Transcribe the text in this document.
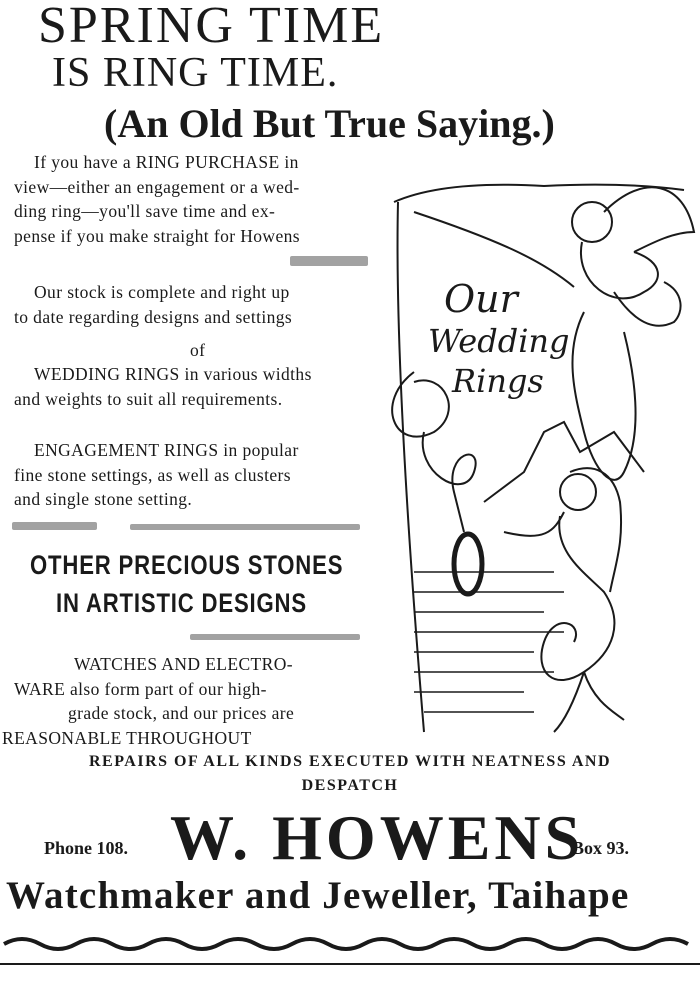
SPRING TIME
IS RING TIME.
(An Old But True Saying.)
If you have a RING PURCHASE in
view—either an engagement or a wed-
ding ring—you'll save time and ex-
pense if you make straight for Howens
Our stock is complete and right up
to date regarding designs and settings
of
WEDDING RINGS in various widths
and weights to suit all requirements.
ENGAGEMENT RINGS in popular
fine stone settings, as well as clusters
and single stone setting.
OTHER PRECIOUS STONES
IN ARTISTIC DESIGNS
WATCHES AND ELECTRO-
WARE also form part of our high-
grade stock, and our prices are
REASONABLE THROUGHOUT
Our
Wedding
Rings
REPAIRS OF ALL KINDS EXECUTED WITH NEATNESS AND
DESPATCH
Phone 108. W. HOWENS
Box 93.
Watchmaker and Jeweller, Taihape
